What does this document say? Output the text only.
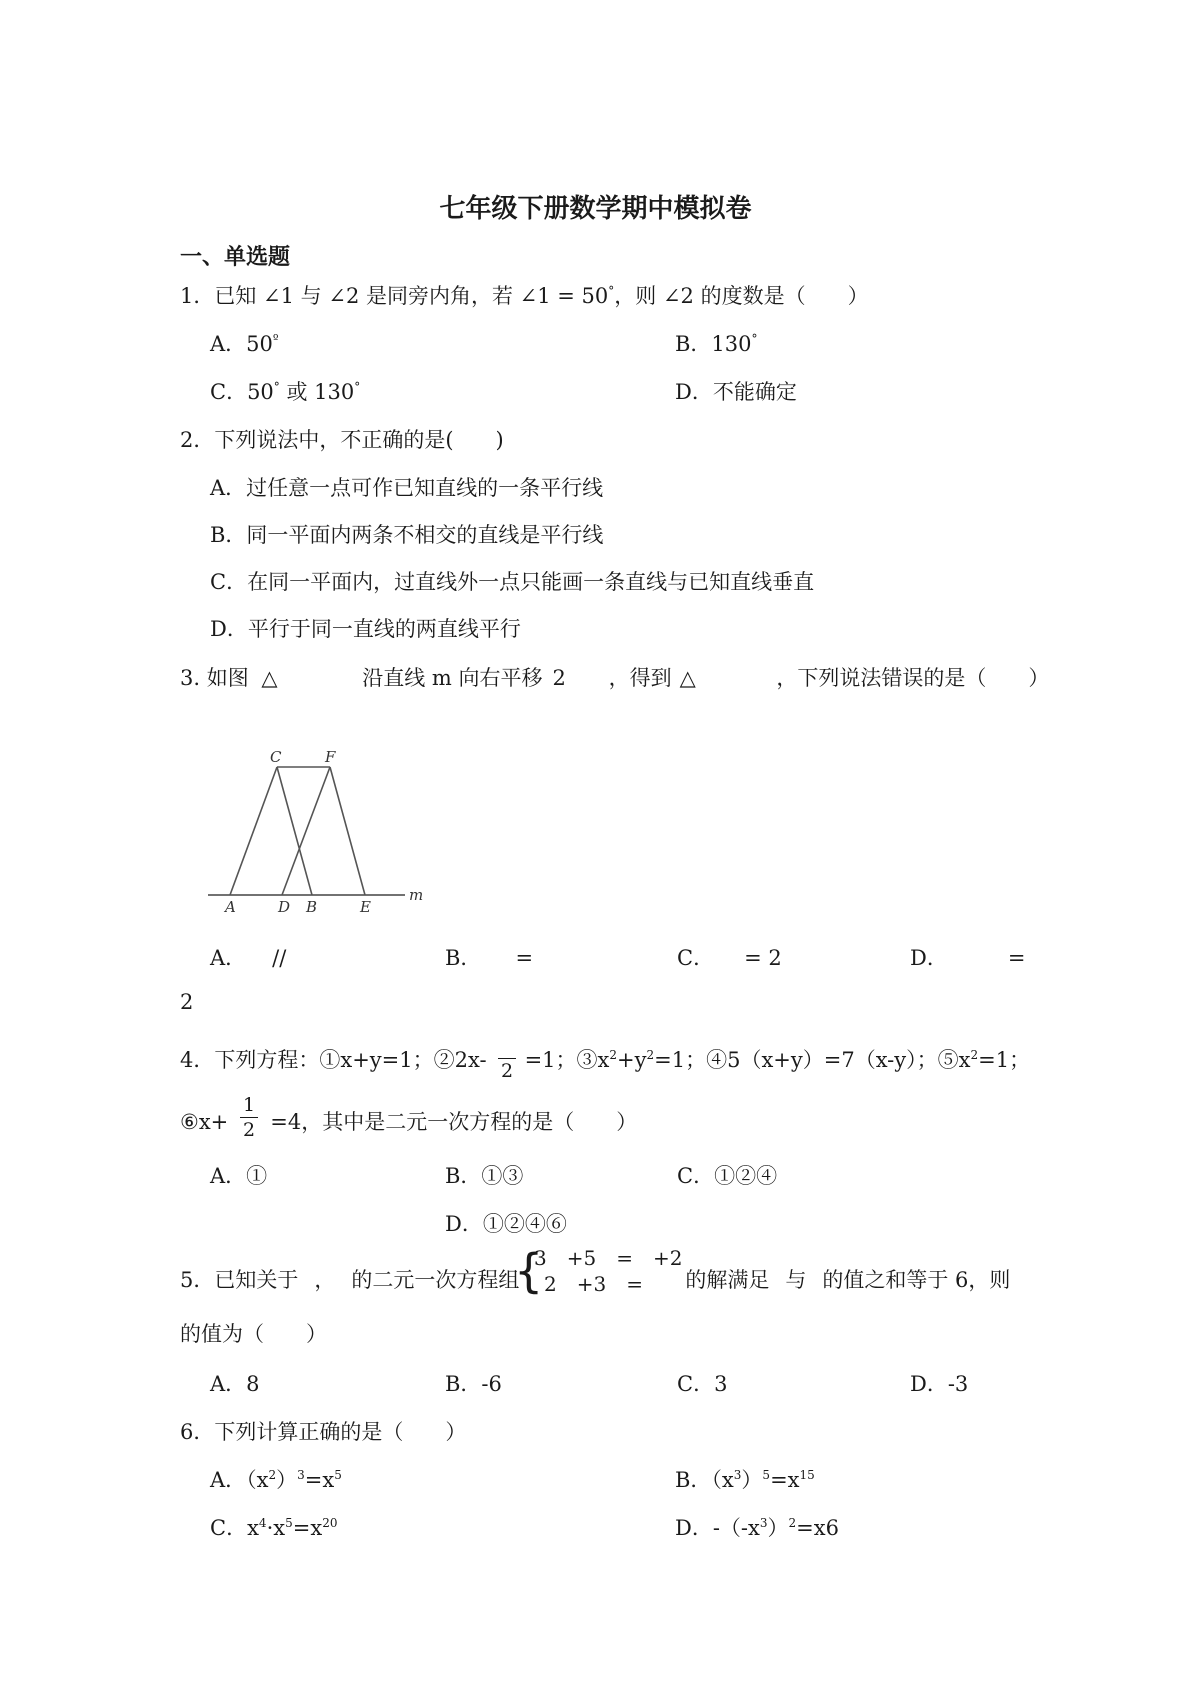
七年级下册数学期中模拟卷
一、单选题
1．已知 ∠1 与 ∠2 是同旁内角，若 ∠1 = 50°，则 ∠2 的度数是（　　）
A．$50^º$	B．130°
C．50° 或 130°	D．不能确定
2．下列说法中，不正确的是(　　)
A．过任意一点可作已知直线的一条平行线
B．同一平面内两条不相交的直线是平行线
C．在同一平面内，过直线外一点只能画一条直线与已知直线垂直
D．平行于同一直线的两直线平行
3. 如图 △	沿直线 m 向右平移 2 ，得到 △	，下列说法错误的是（　　）
C	F
A	D B	E
m
A． //	B． =	C． = 2	D．	=
2
4．下列方程：①x+y=1；②2x- =1；$③x^2+y^2=1$；④5（x+y）=7（x-y）；$⑤x^2=1$；
2
⑥x+ =4，其中是二元一次方程的是（　　）
1
2
A．①	B．①③	C．①②④
D．①②④⑥
5．已知关于 ， 的二元一次方程组	的解满足 与 的值之和等于 6，则
{
3　+5　=　+2
2　+3　=
的值为（　　）
A．8	B．-6	C．3	D．-3
6．下列计算正确的是（　　）
A．$(x^2)^3=x^5$	B．$(x^3)^5=x^{15}$
C．$x^4\cdot x^5=x^{20}$	D．$-(-x^3)^2=x6$
